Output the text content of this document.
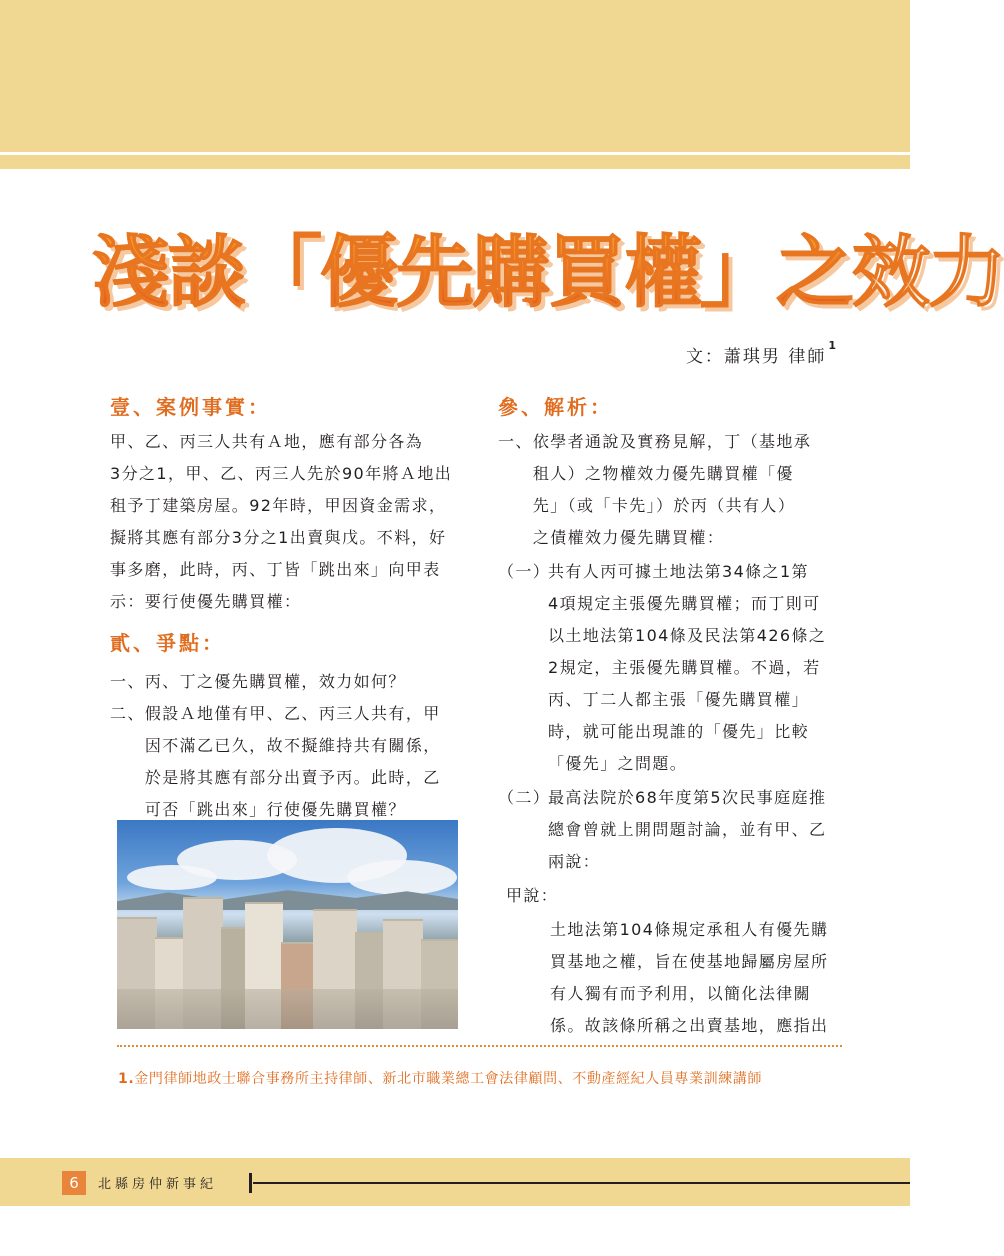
淺談「優先購買權」之效力
文：蕭琪男 律師$^1$
壹、案例事實：
甲、乙、丙三人共有Ａ地，應有部分各為
3分之1，甲、乙、丙三人先於90年將Ａ地出
租予丁建築房屋。92年時，甲因資金需求，
擬將其應有部分3分之1出賣與戊。不料，好
事多磨，此時，丙、丁皆「跳出來」向甲表
示：要行使優先購買權：
貳、爭點：
一、 丙、丁之優先購買權，效力如何？
二、 假設Ａ地僅有甲、乙、丙三人共有，甲
因不滿乙已久，故不擬維持共有關係，
於是將其應有部分出賣予丙。此時，乙
可否「跳出來」行使優先購買權？
參、解析：
一、 依學者通說及實務見解，丁（基地承
租人）之物權效力優先購買權「優
先」（或「卡先」）於丙（共有人）
之債權效力優先購買權：
（一）
共有人丙可據土地法第34條之1第
4項規定主張優先購買權；而丁則可
以土地法第104條及民法第426條之
2規定，主張優先購買權。不過，若
丙、丁二人都主張「優先購買權」
時，就可能出現誰的「優先」比較
「優先」之問題。
（二）
最高法院於68年度第5次民事庭庭推
總會曾就上開問題討論，並有甲、乙
兩說：
甲說：
土地法第104條規定承租人有優先購
買基地之權，旨在使基地歸屬房屋所
有人獨有而予利用，以簡化法律關
係。故該條所稱之出賣基地，應指出
1.金門律師地政士聯合事務所主持律師、新北市職業總工會法律顧問、不動產經紀人員專業訓練講師
6	北縣房仲新事紀
